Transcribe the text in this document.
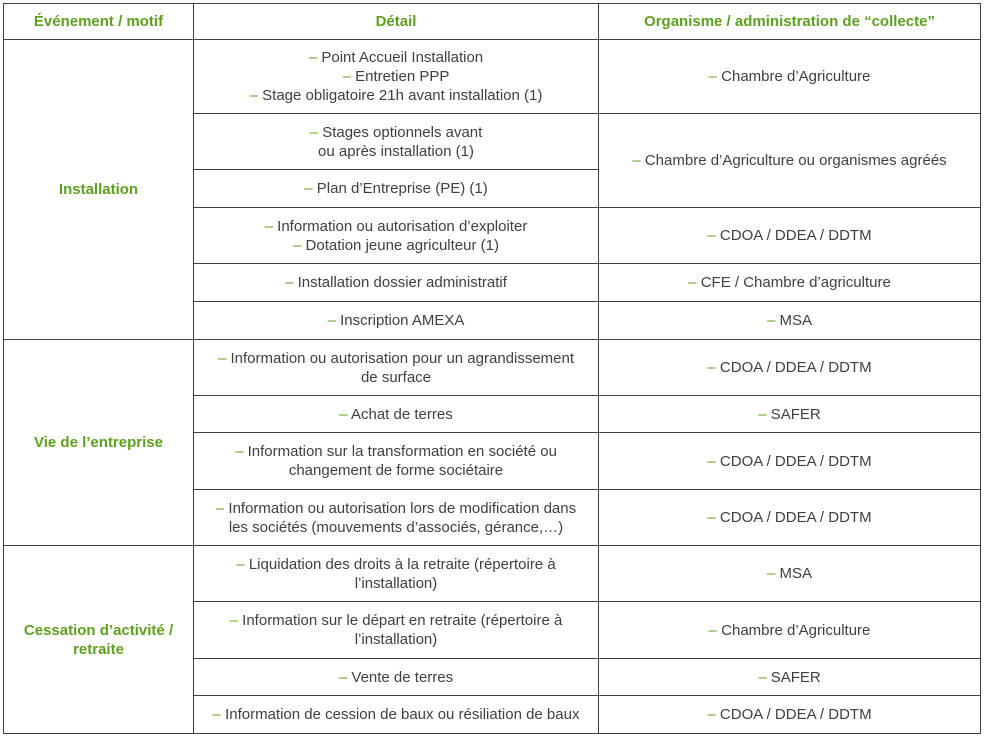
Événement / motif	Détail	Organisme / administration de “collecte”
Installation	– Point Accueil Installation
– Entretien PPP
– Stage obligatoire 21h avant installation (1)	– Chambre d’Agriculture

	– Stages optionnels avant
ou après installation (1)	– Chambre d’Agriculture ou organismes agréés
	– Plan d’Entreprise (PE) (1)	

	– Information ou autorisation d’exploiter
– Dotation jeune agriculteur (1)	– CDOA / DDEA / DDTM
	– Installation dossier administratif	– CFE / Chambre d’agriculture
	– Inscription AMEXA	– MSA
Vie de l’entreprise	– Information ou autorisation pour un agrandissement
de surface	– CDOA / DDEA / DDTM
	– Achat de terres	– SAFER

	– Information sur la transformation en société ou
changement de forme sociétaire	– CDOA / DDEA / DDTM

	– Information ou autorisation lors de modification dans
les sociétés (mouvements d’associés, gérance,…)	– CDOA / DDEA / DDTM

Cessation d’activité /
retraite	– Liquidation des droits à la retraite (répertoire à
l’installation)	– MSA

	– Information sur le départ en retraite (répertoire à
l’installation)	– Chambre d’Agriculture
	– Vente de terres	– SAFER
	– Information de cession de baux ou résiliation de baux	– CDOA / DDEA / DDTM
